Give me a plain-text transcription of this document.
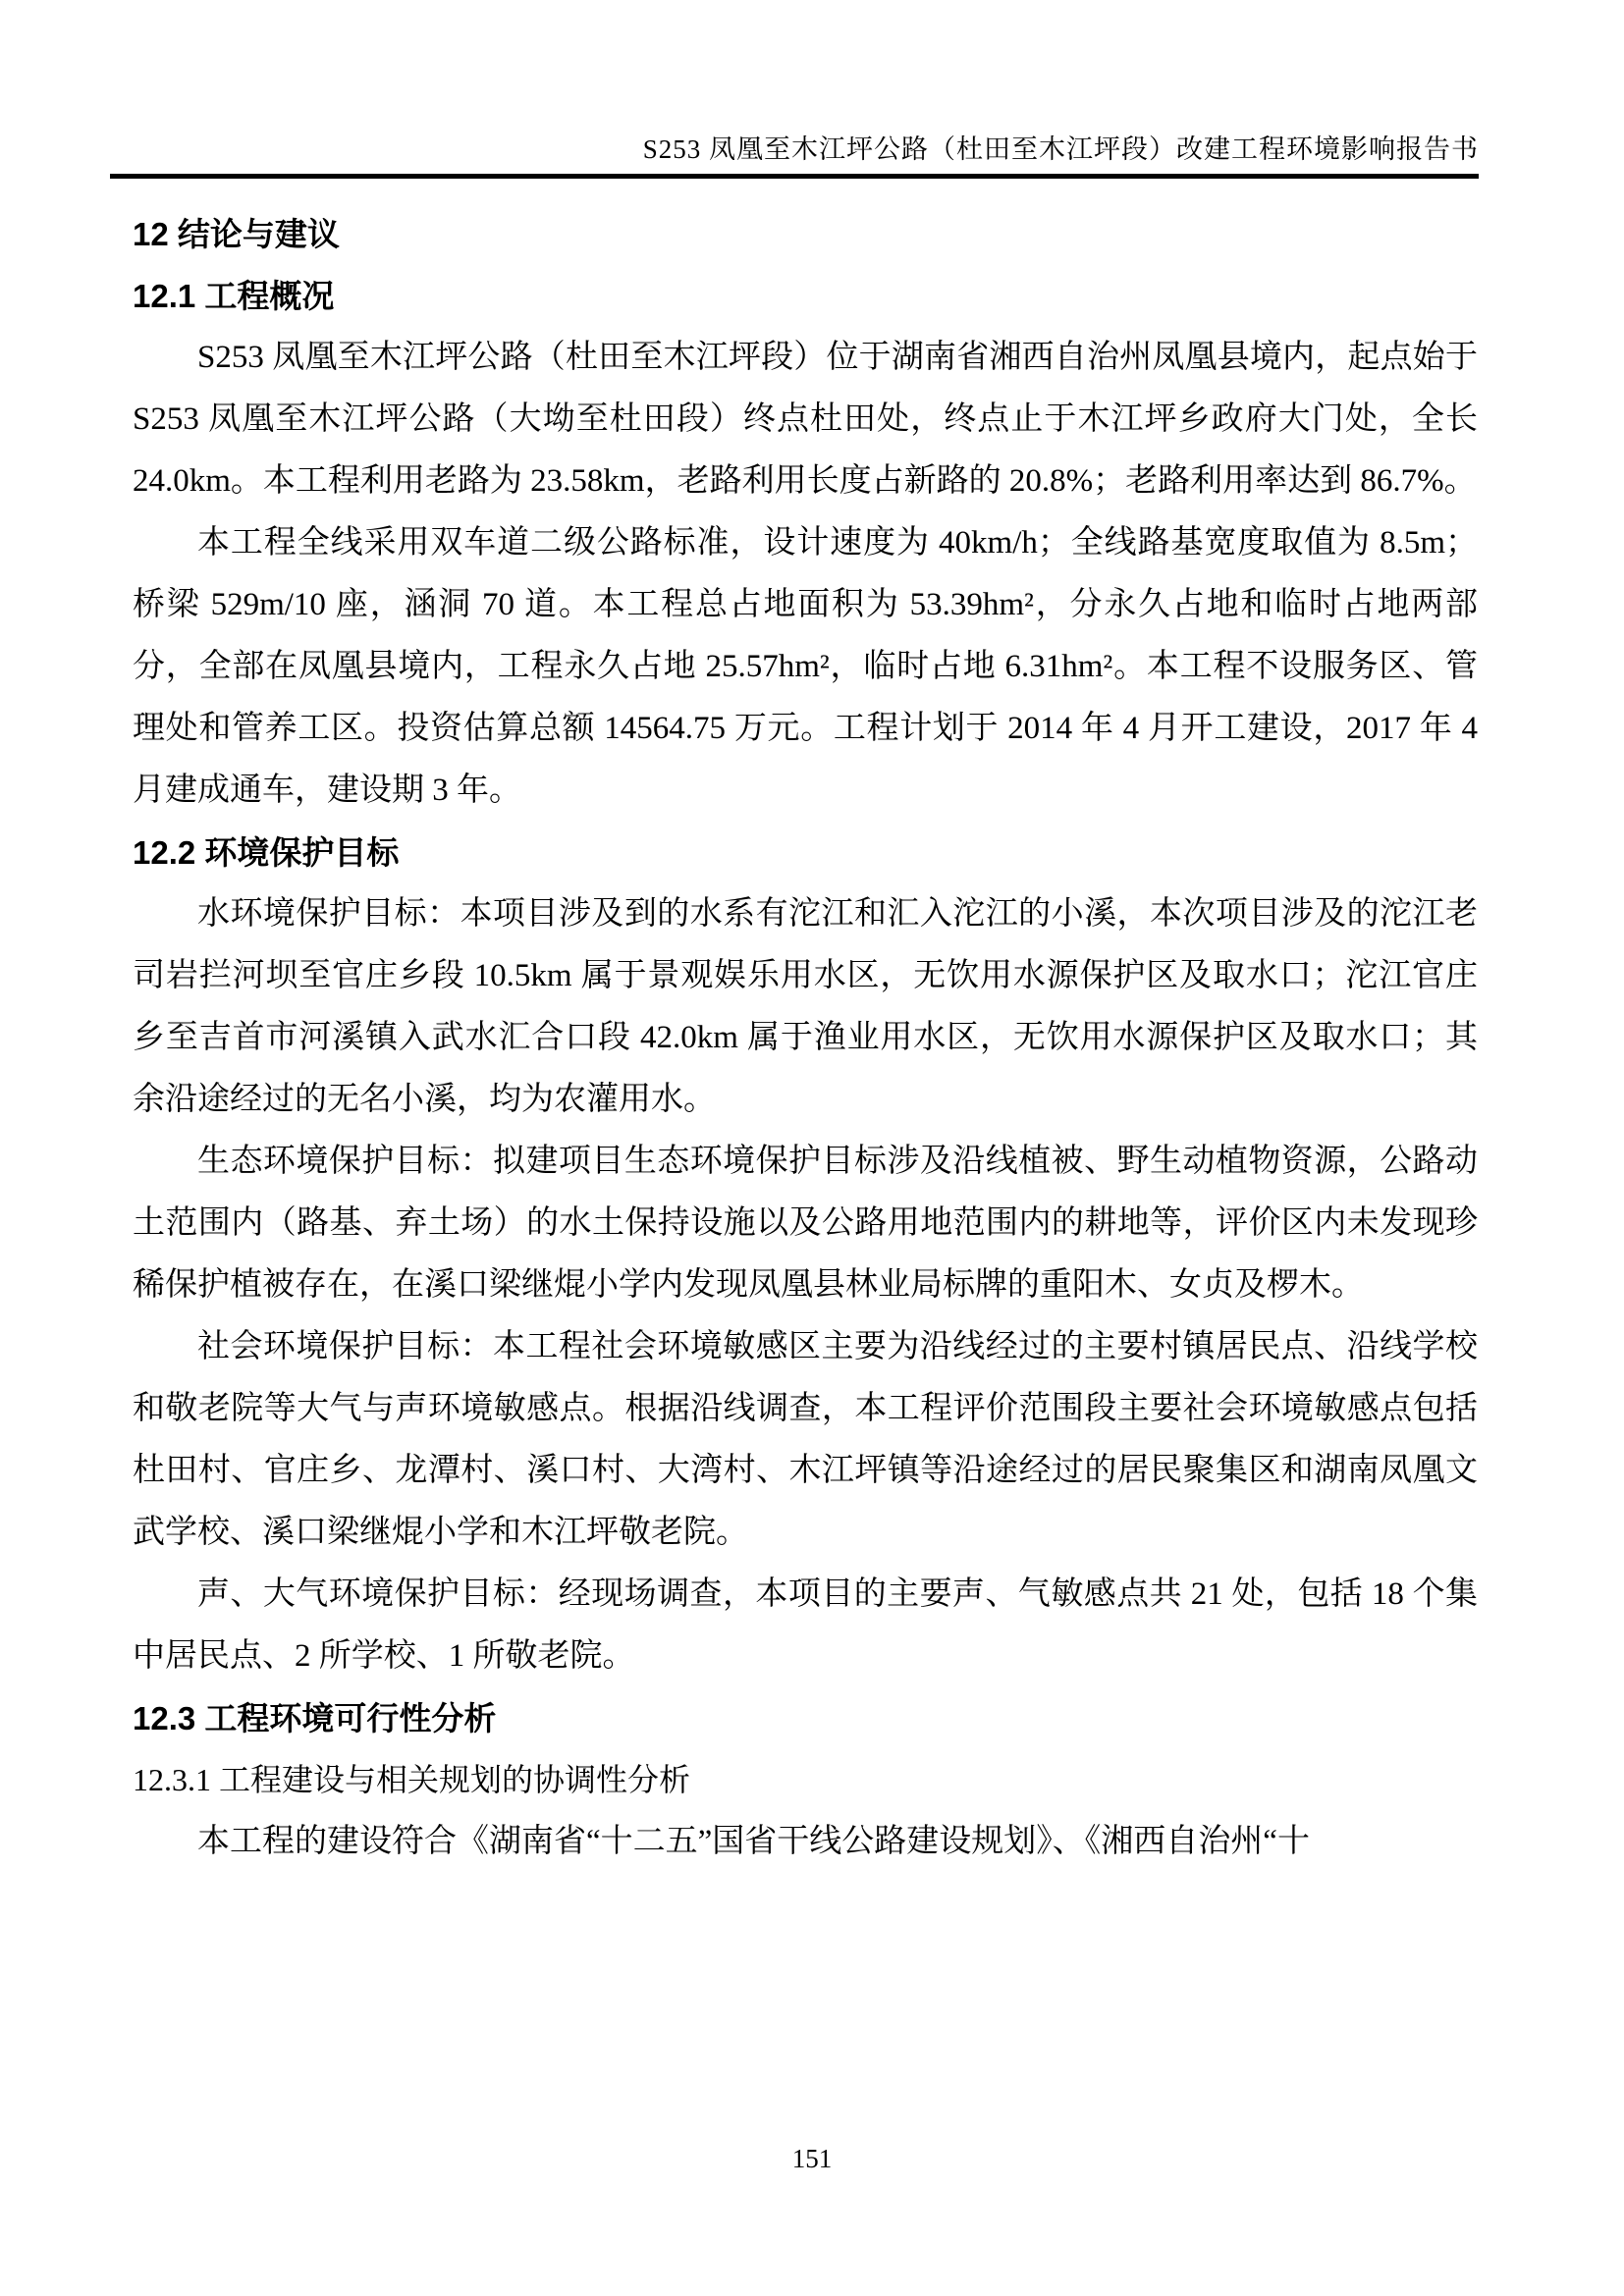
S253 凤凰至木江坪公路（杜田至木江坪段）改建工程环境影响报告书
12 结论与建议
12.1 工程概况

S253 凤凰至木江坪公路（杜田至木江坪段）位于湖南省湘西自治州凤凰县境内，起点始于 S253 凤凰至木江坪公路（大坳至杜田段）终点杜田处，终点止于木江坪乡政府大门处，全长 24.0km。本工程利用老路为 23.58km，老路利用长度占新路的 20.8%；老路利用率达到 86.7%。

本工程全线采用双车道二级公路标准，设计速度为 40km/h；全线路基宽度取值为 8.5m；桥梁 529m/10 座，涵洞 70 道。本工程总占地面积为 53.39hm²，分永久占地和临时占地两部分，全部在凤凰县境内，工程永久占地 25.57hm²，临时占地 6.31hm²。本工程不设服务区、管理处和管养工区。投资估算总额 14564.75 万元。工程计划于 2014 年 4 月开工建设，2017 年 4 月建成通车，建设期 3 年。

12.2 环境保护目标

水环境保护目标：本项目涉及到的水系有沱江和汇入沱江的小溪，本次项目涉及的沱江老司岩拦河坝至官庄乡段 10.5km 属于景观娱乐用水区，无饮用水源保护区及取水口；沱江官庄乡至吉首市河溪镇入武水汇合口段 42.0km 属于渔业用水区，无饮用水源保护区及取水口；其余沿途经过的无名小溪，均为农灌用水。

生态环境保护目标：拟建项目生态环境保护目标涉及沿线植被、野生动植物资源，公路动土范围内（路基、弃土场）的水土保持设施以及公路用地范围内的耕地等，评价区内未发现珍稀保护植被存在，在溪口梁继焜小学内发现凤凰县林业局标牌的重阳木、女贞及椤木。

社会环境保护目标：本工程社会环境敏感区主要为沿线经过的主要村镇居民点、沿线学校和敬老院等大气与声环境敏感点。根据沿线调查，本工程评价范围段主要社会环境敏感点包括杜田村、官庄乡、龙潭村、溪口村、大湾村、木江坪镇等沿途经过的居民聚集区和湖南凤凰文武学校、溪口梁继焜小学和木江坪敬老院。

声、大气环境保护目标：经现场调查，本项目的主要声、气敏感点共 21 处，包括 18 个集中居民点、2 所学校、1 所敬老院。

12.3 工程环境可行性分析
12.3.1 工程建设与相关规划的协调性分析

本工程的建设符合《湖南省“十二五”国省干线公路建设规划》、《湘西自治州“十

151
